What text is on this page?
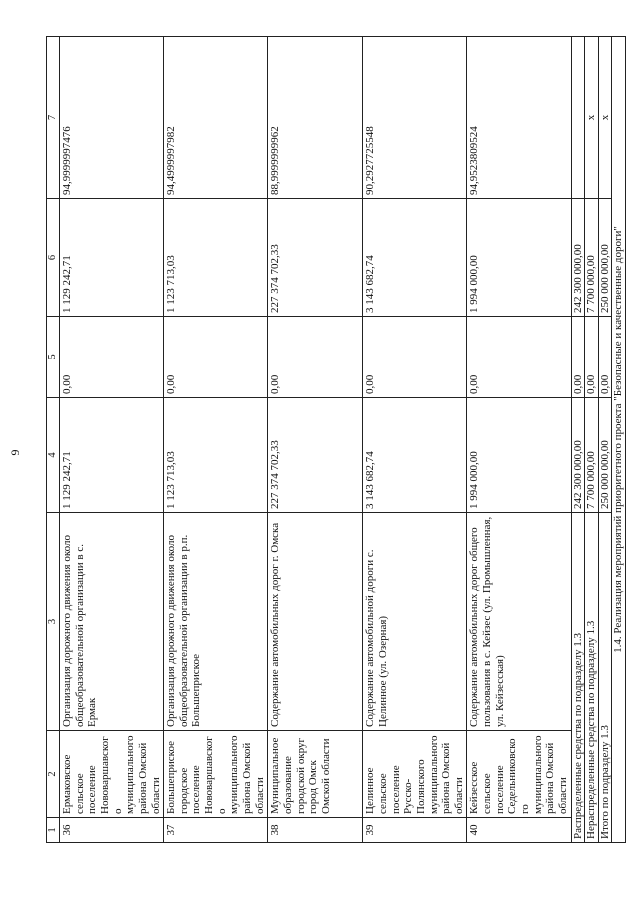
9
1	2	3	4	5	6	7
36	Ермаковское сельское поселение Нововаршавского муниципального района Омской области	Организация дорожного движения около общеобразовательной организации в с. Ермак	1 129 242,71	0,00	1 129 242,71	94,9999997476
37	Большеприское городское поселение Нововаршавского муниципального района Омской области	Организация дорожного движения около общеобразовательной организации в р.п. Большеприское	1 123 713,03	0,00	1 123 713,03	94,4999997982
38	Муниципальное образование городской округ город Омск Омской области	Содержание автомобильных дорог г. Омска	227 374 702,33	0,00	227 374 702,33	88,9999999962
39	Целинное сельское поселение Русско-Полянского муниципального района Омской области	Содержание автомобильной дороги с. Целинное (ул. Озерная)	3 143 682,74	0,00	3 143 682,74	90,2927725548
40	Кейзесское сельское поселение Седельниковского муниципального района Омской области	Содержание автомобильных дорог общего пользования в с. Кейзес (ул. Промышленная, ул. Кейзесская)	1 994 000,00	0,00	1 994 000,00	94,9523809524
Распределенные средства по подразделу 1.3			242 300 000,00	0,00	242 300 000,00	
Нераспределенные средства по подразделу 1.3			7 700 000,00	0,00	7 700 000,00	x
Итого по подразделу 1.3			250 000 000,00	0,00	250 000 000,00	x
1.4. Реализация мероприятий приоритетного проекта "Безопасные и качественные дороги"						
